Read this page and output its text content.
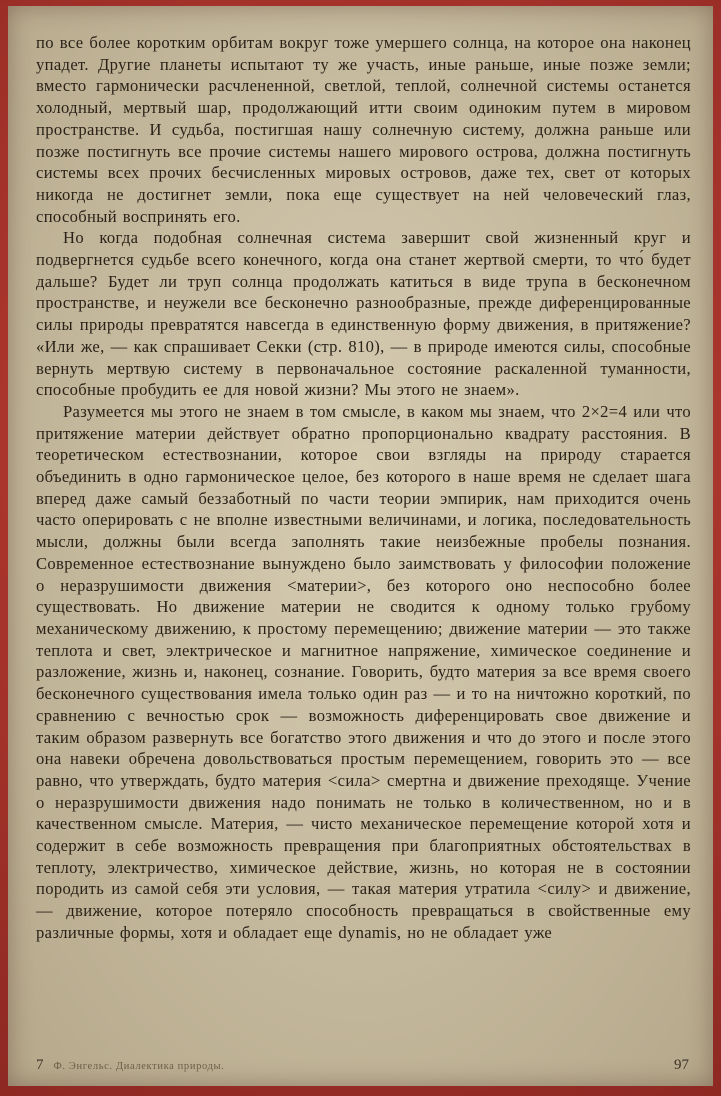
по все более коротким орбитам вокруг тоже умершего солнца, на которое она наконец упадет. Другие планеты испытают ту же участь, иные раньше, иные позже земли; вместо гармонически расчлененной, светлой, теплой, солнечной системы останется холодный, мертвый шар, продолжающий итти своим одиноким путем в мировом пространстве. И судьба, постигшая нашу солнечную систему, должна раньше или позже постигнуть все прочие системы нашего мирового острова, должна постигнуть системы всех прочих бесчисленных мировых островов, даже тех, свет от которых никогда не достигнет земли, пока еще существует на ней человеческий глаз, способный воспринять его.

Но когда подобная солнечная система завершит свой жизненный круг и подвергнется судьбе всего конечного, когда она станет жертвой смерти, то что́ будет дальше? Будет ли труп солнца продолжать катиться в виде трупа в бесконечном пространстве, и неужели все бесконечно разнообразные, прежде диференцированные силы природы превратятся навсегда в единственную форму движения, в притяжение? «Или же, — как спрашивает Секки (стр. 810), — в природе имеются силы, способные вернуть мертвую систему в первоначальное состояние раскаленной туманности, способные пробудить ее для новой жизни? Мы этого не знаем».

Разумеется мы этого не знаем в том смысле, в каком мы знаем, что 2×2=4 или что притяжение материи действует обратно пропорционально квадрату расстояния. В теоретическом естествознании, которое свои взгляды на природу старается объединить в одно гармоническое целое, без которого в наше время не сделает шага вперед даже самый беззаботный по части теории эмпирик, нам приходится очень часто оперировать с не вполне известными величинами, и логика, последовательность мысли, должны были всегда заполнять такие неизбежные пробелы познания. Современное естествознание вынуждено было заимствовать у философии положение о неразрушимости движения <материи>, без которого оно неспособно более существовать. Но движение материи не сводится к одному только грубому механическому движению, к простому перемещению; движение материи — это также теплота и свет, электрическое и магнитное напряжение, химическое соединение и разложение, жизнь и, наконец, сознание. Говорить, будто материя за все время своего бесконечного существования имела только один раз — и то на ничтожно короткий, по сравнению с вечностью срок — возможность диференцировать свое движение и таким образом развернуть все богатство этого движения и что до этого и после этого она навеки обречена довольствоваться простым перемещением, говорить это — все равно, что утверждать, будто материя <сила> смертна и движение преходяще. Учение о неразрушимости движения надо понимать не только в количественном, но и в качественном смысле. Материя, — чисто механическое перемещение которой хотя и содержит в себе возможность превращения при благоприятных обстоятельствах в теплоту, электричество, химическое действие, жизнь, но которая не в состоянии породить из самой себя эти условия, — такая материя утратила <силу> и движение, — движение, которое потеряло способность превращаться в свойственные ему различные формы, хотя и обладает еще dynamis, но не обладает уже

7 Ф. Энгельс. Диалектика природы.	97
